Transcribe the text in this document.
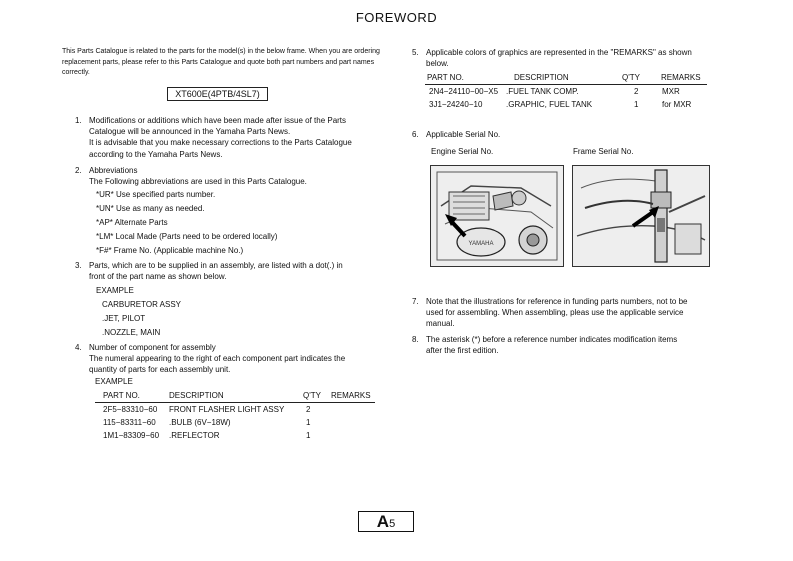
FOREWORD
This Parts Catalogue is related to the parts for the model(s) in the below frame. When you are ordering replacement parts, please refer to this Parts Catalogue and quote both part numbers and part names correctly.
XT600E(4PTB/4SL7)
1. Modifications or additions which have been made after issue of the Parts
Catalogue will be announced in the Yamaha Parts News.
It is advisable that you make necessary corrections to the Parts Catalogue
according to the Yamaha Parts News.
2. Abbreviations
The Following abbreviations are used in this Parts Catalogue.
*UR* Use specified parts number.
*UN* Use as many as needed.
*AP* Alternate Parts
*LM* Local Made (Parts need to be ordered locally)
*F#* Frame No. (Applicable machine No.)
3. Parts, which are to be supplied in an assembly, are listed with a dot(.) in
front of the part name as shown below.
EXAMPLE
CARBURETOR ASSY
.JET, PILOT
.NOZZLE, MAIN
4. Number of component for assembly
The numeral appearing to the right of each component part indicates the
quantity of parts for each assembly unit.
EXAMPLE
PART NO.	DESCRIPTION	Q'TY REMARKS
2F5−83310−60 FRONT FLASHER LIGHT ASSY	2
115−83311−60 .BULB (6V−18W)	1
1M1−83309−60 .REFLECTOR	1
5. Applicable colors of graphics are represented in the "REMARKS" as shown
below.
PART NO.	DESCRIPTION	Q'TY	REMARKS
2N4−24110−00−X5 .FUEL TANK COMP.	2	MXR
3J1−24240−10	.GRAPHIC, FUEL TANK	1	for MXR
6. Applicable Serial No.
Engine Serial No.	Frame Serial No.
YAMAHA
7. Note that the illustrations for reference in funding parts numbers, not to be
used for assembling. When assembling, pleas use the applicable service
manual.
8. The asterisk (*) before a reference number indicates modification items
after the first edition.
A5
